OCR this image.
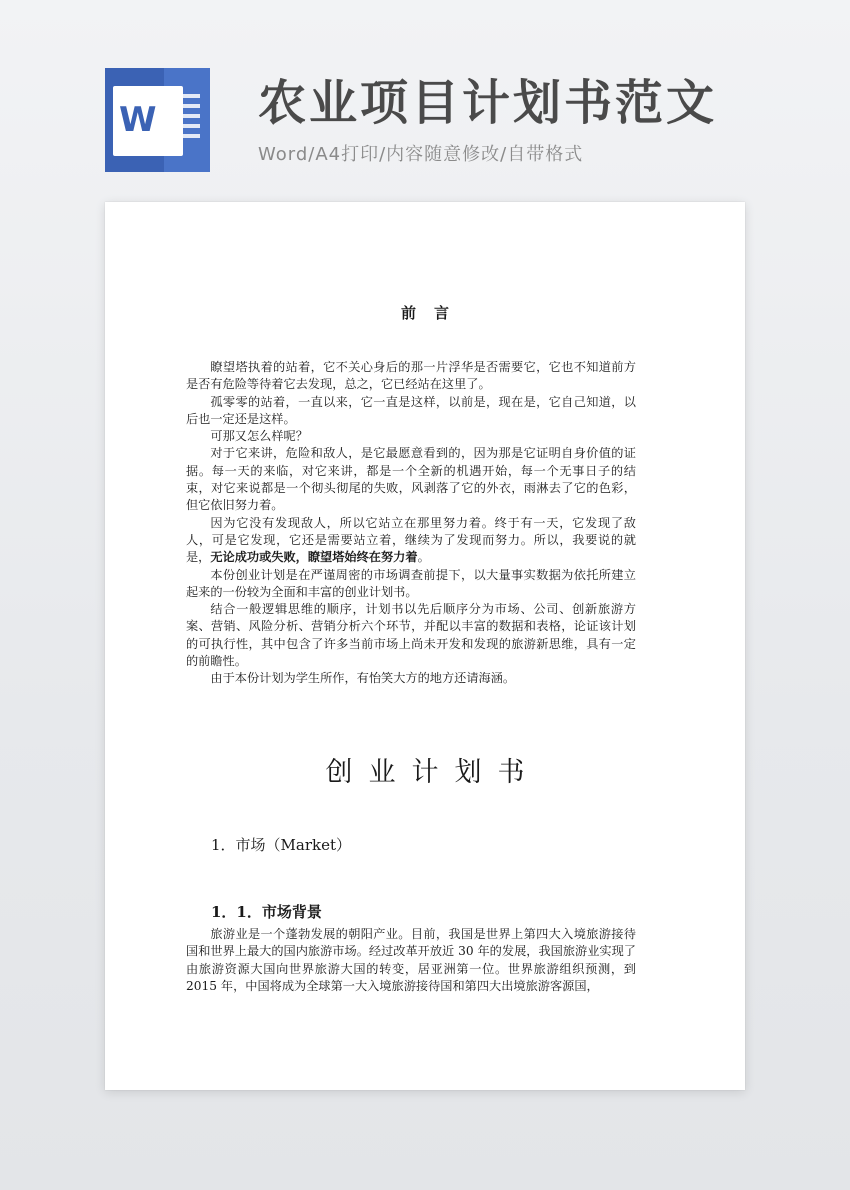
W 农业项目计划书范文
Word/A4打印/内容随意修改/自带格式
前言

瞭望塔执着的站着，它不关心身后的那一片浮华是否需要它，它也不知道前方是否有危险等待着它去发现，总之，它已经站在这里了。

孤零零的站着，一直以来，它一直是这样，以前是，现在是，它自己知道，以后也一定还是这样。

可那又怎么样呢？

对于它来讲，危险和敌人，是它最愿意看到的，因为那是它证明自身价值的证据。每一天的来临，对它来讲，都是一个全新的机遇开始，每一个无事日子的结束，对它来说都是一个彻头彻尾的失败，风剥落了它的外衣，雨淋去了它的色彩，但它依旧努力着。

因为它没有发现敌人，所以它站立在那里努力着。终于有一天，它发现了敌人，可是它发现，它还是需要站立着，继续为了发现而努力。所以，我要说的就是，无论成功或失败，瞭望塔始终在努力着。

本份创业计划是在严谨周密的市场调查前提下，以大量事实数据为依托所建立起来的一份较为全面和丰富的创业计划书。

结合一般逻辑思维的顺序，计划书以先后顺序分为市场、公司、创新旅游方案、营销、风险分析、营销分析六个环节，并配以丰富的数据和表格，论证该计划的可执行性，其中包含了许多当前市场上尚未开发和发现的旅游新思维，具有一定的前瞻性。

由于本份计划为学生所作，有怡笑大方的地方还请海涵。

创业计划书
1．市场（Market）
1．1．市场背景

旅游业是一个蓬勃发展的朝阳产业。目前，我国是世界上第四大入境旅游接待国和世界上最大的国内旅游市场。经过改革开放近 30 年的发展，我国旅游业实现了由旅游资源大国向世界旅游大国的转变，居亚洲第一位。世界旅游组织预测，到 2015 年，中国将成为全球第一大入境旅游接待国和第四大出境旅游客源国，
